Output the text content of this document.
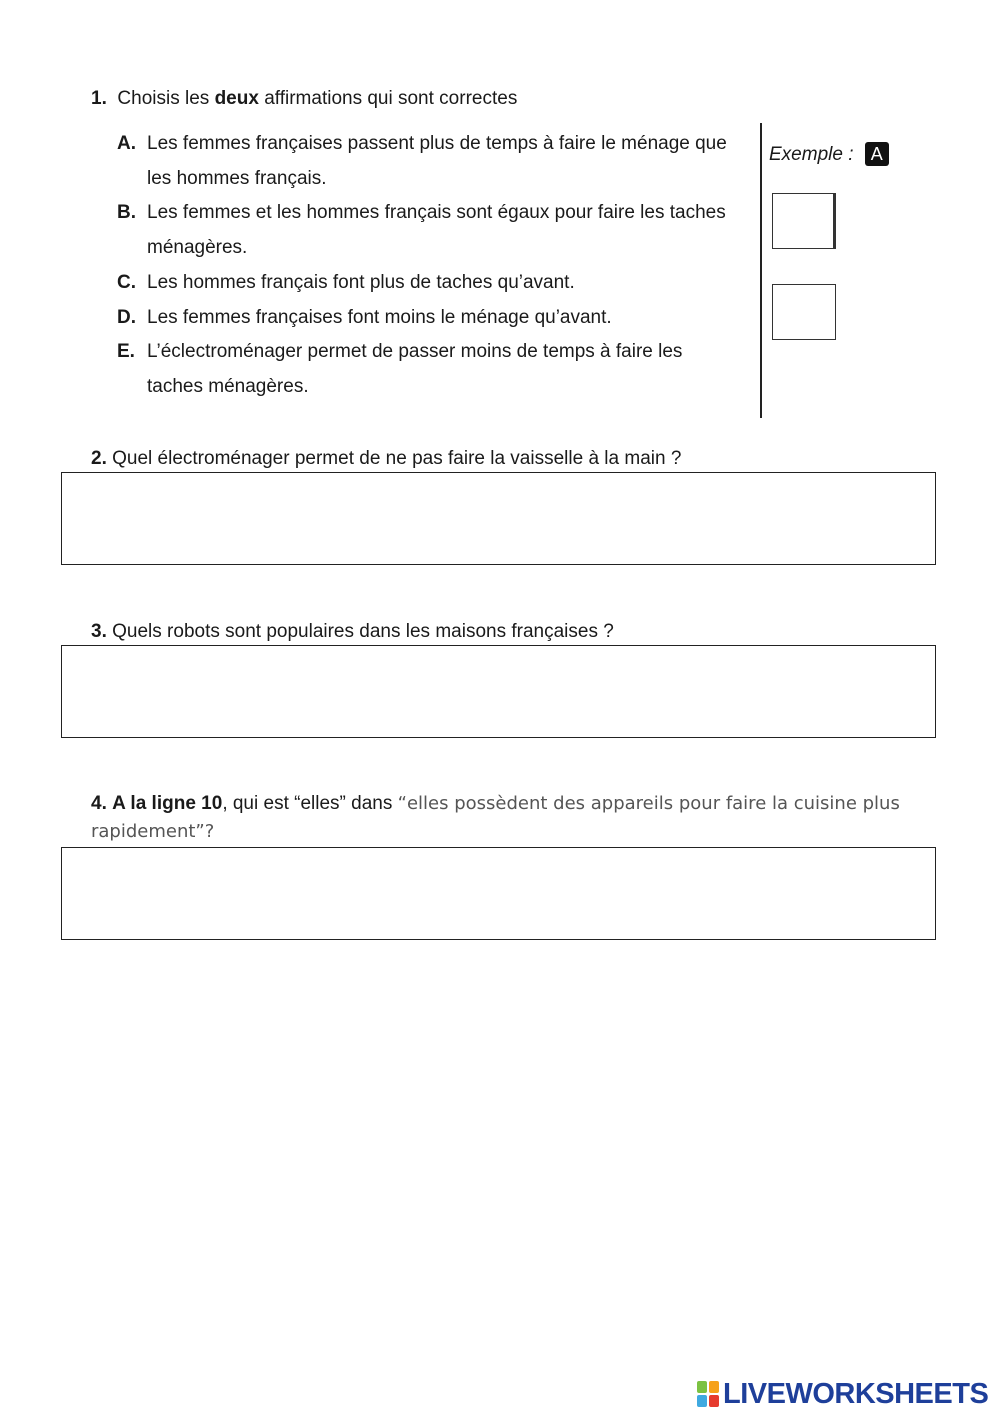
1. Choisis les deux affirmations qui sont correctes
A. Les femmes françaises passent plus de temps à faire le ménage que les hommes français.
B. Les femmes et les hommes français sont égaux pour faire les taches ménagères.
C. Les hommes français font plus de taches qu’avant.
D. Les femmes françaises font moins le ménage qu’avant.
E. L’éclectroménager permet de passer moins de temps à faire les taches ménagères.
Exemple : A
2. Quel électroménager permet de ne pas faire la vaisselle à la main ?
3. Quels robots sont populaires dans les maisons françaises ?
4. A la ligne 10, qui est “elles” dans “elles possèdent des appareils pour faire la cuisine plus
rapidement”?
LIVEWORKSHEETS
